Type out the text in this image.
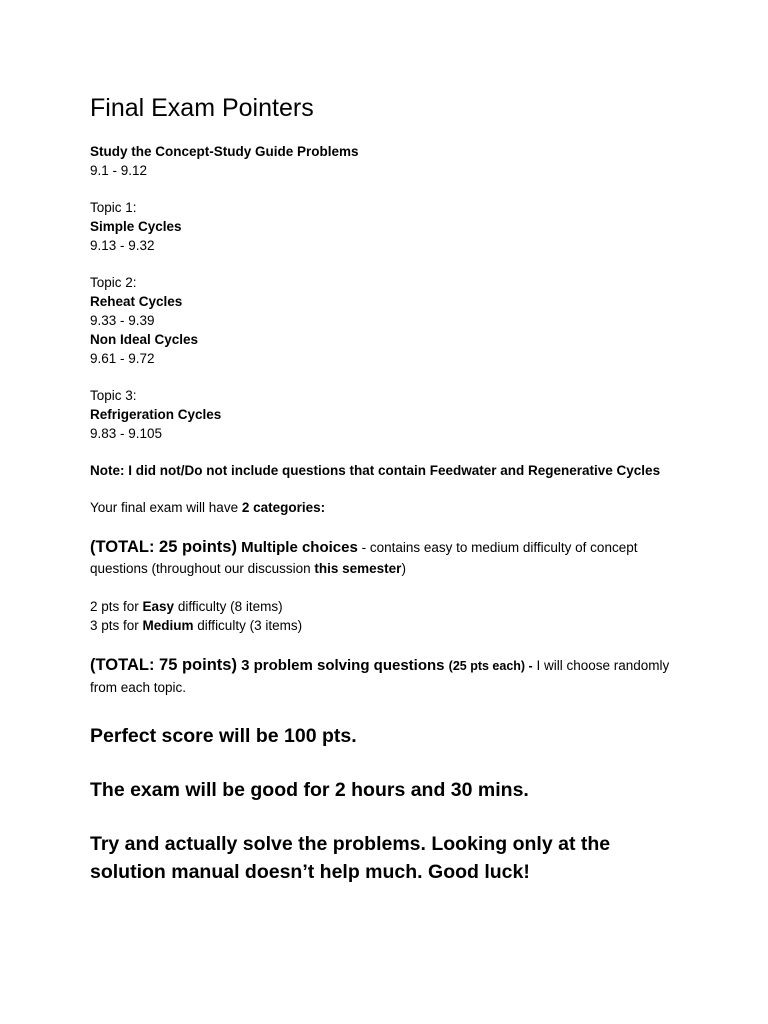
Final Exam Pointers
Study the Concept-Study Guide Problems
9.1 - 9.12
Topic 1:
Simple Cycles
9.13 - 9.32
Topic 2:
Reheat Cycles
9.33 - 9.39
Non Ideal Cycles
9.61 - 9.72
Topic 3:
Refrigeration Cycles
9.83 - 9.105
Note: I did not/Do not include questions that contain Feedwater and Regenerative Cycles
Your final exam will have 2 categories:
(TOTAL: 25 points) Multiple choices - contains easy to medium difficulty of concept questions (throughout our discussion this semester)
2 pts for Easy difficulty (8 items)
3 pts for Medium difficulty (3 items)
(TOTAL: 75 points) 3 problem solving questions (25 pts each) - I will choose randomly from each topic.
Perfect score will be 100 pts.
The exam will be good for 2 hours and 30 mins.
Try and actually solve the problems. Looking only at the solution manual doesn’t help much. Good luck!
